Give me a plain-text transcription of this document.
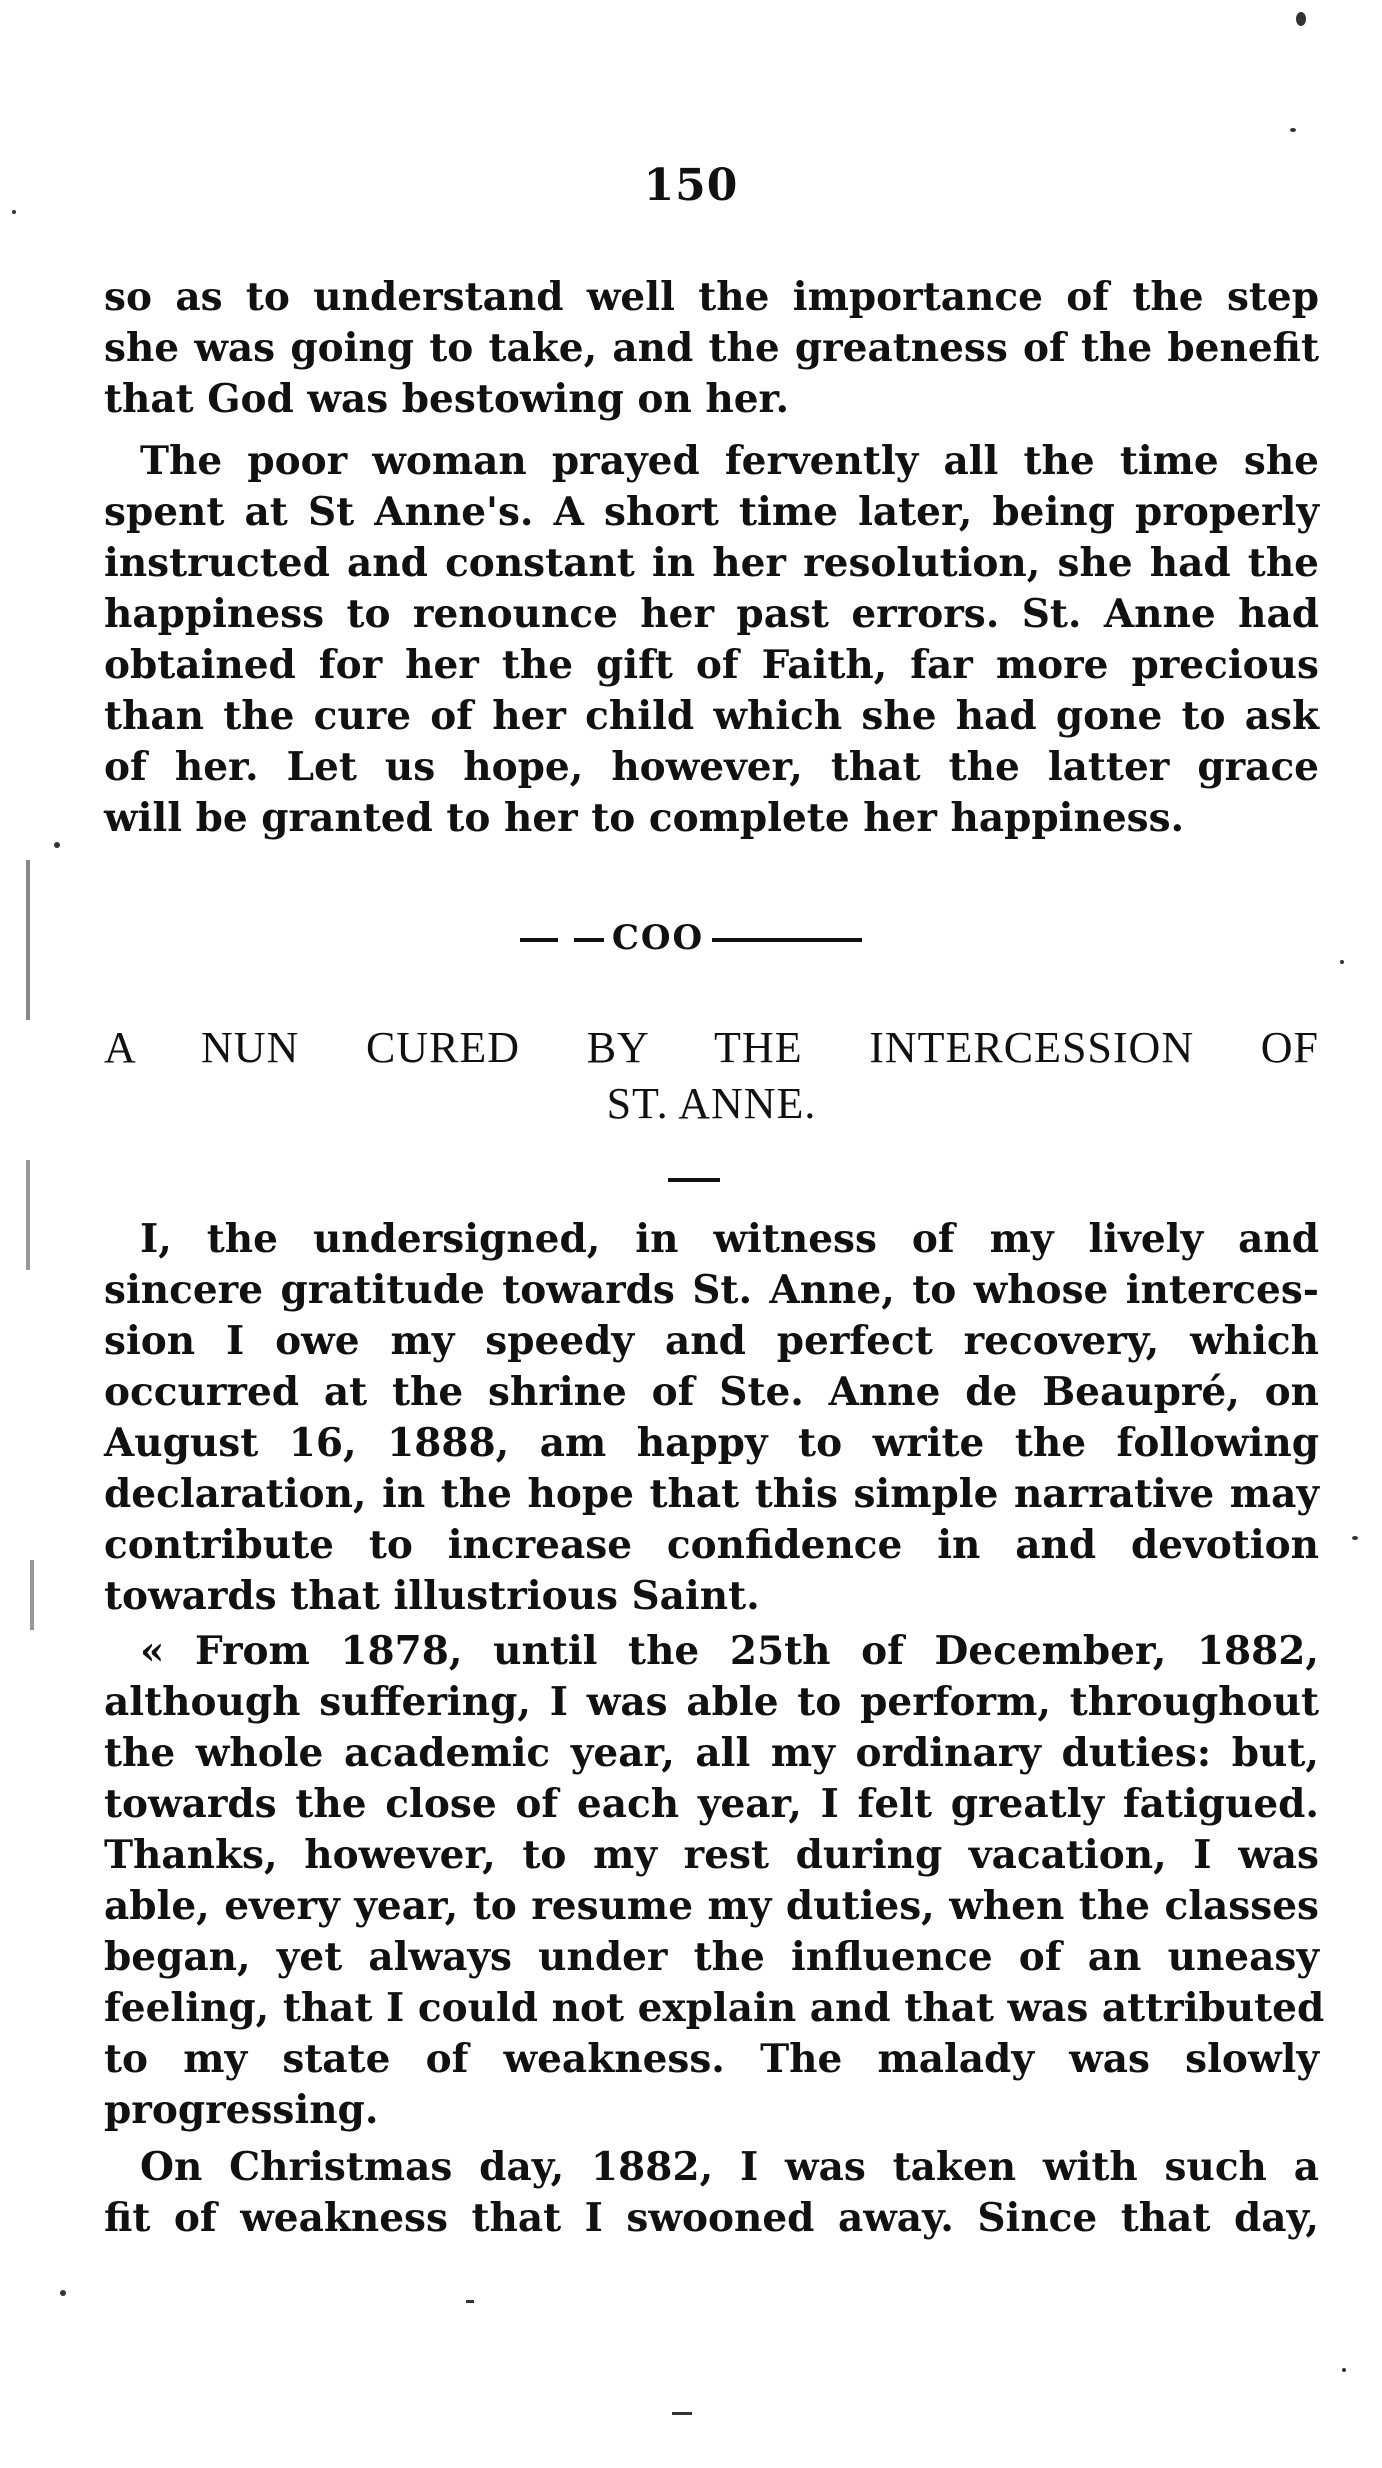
150
so as to understand well the importance of the step
she was going to take, and the greatness of the benefit
that God was bestowing on her.
The poor woman prayed fervently all the time she
spent at St Anne's. A short time later, being properly
instructed and constant in her resolution, she had the
happiness to renounce her past errors. St. Anne had
obtained for her the gift of Faith, far more precious
than the cure of her child which she had gone to ask
of her. Let us hope, however, that the latter grace
will be granted to her to complete her happiness.
COO
A NUN CURED BY THE INTERCESSION OF
ST. ANNE.
I, the undersigned, in witness of my lively and
sincere gratitude towards St. Anne, to whose interces-
sion I owe my speedy and perfect recovery, which
occurred at the shrine of Ste. Anne de Beaupré, on
August 16, 1888, am happy to write the following
declaration, in the hope that this simple narrative may
contribute to increase confidence in and devotion
towards that illustrious Saint.
« From 1878, until the 25th of December, 1882,
although suffering, I was able to perform, throughout
the whole academic year, all my ordinary duties: but,
towards the close of each year, I felt greatly fatigued.
Thanks, however, to my rest during vacation, I was
able, every year, to resume my duties, when the classes
began, yet always under the influence of an uneasy
feeling, that I could not explain and that was attributed
to my state of weakness. The malady was slowly
progressing.
On Christmas day, 1882, I was taken with such a
fit of weakness that I swooned away. Since that day,
